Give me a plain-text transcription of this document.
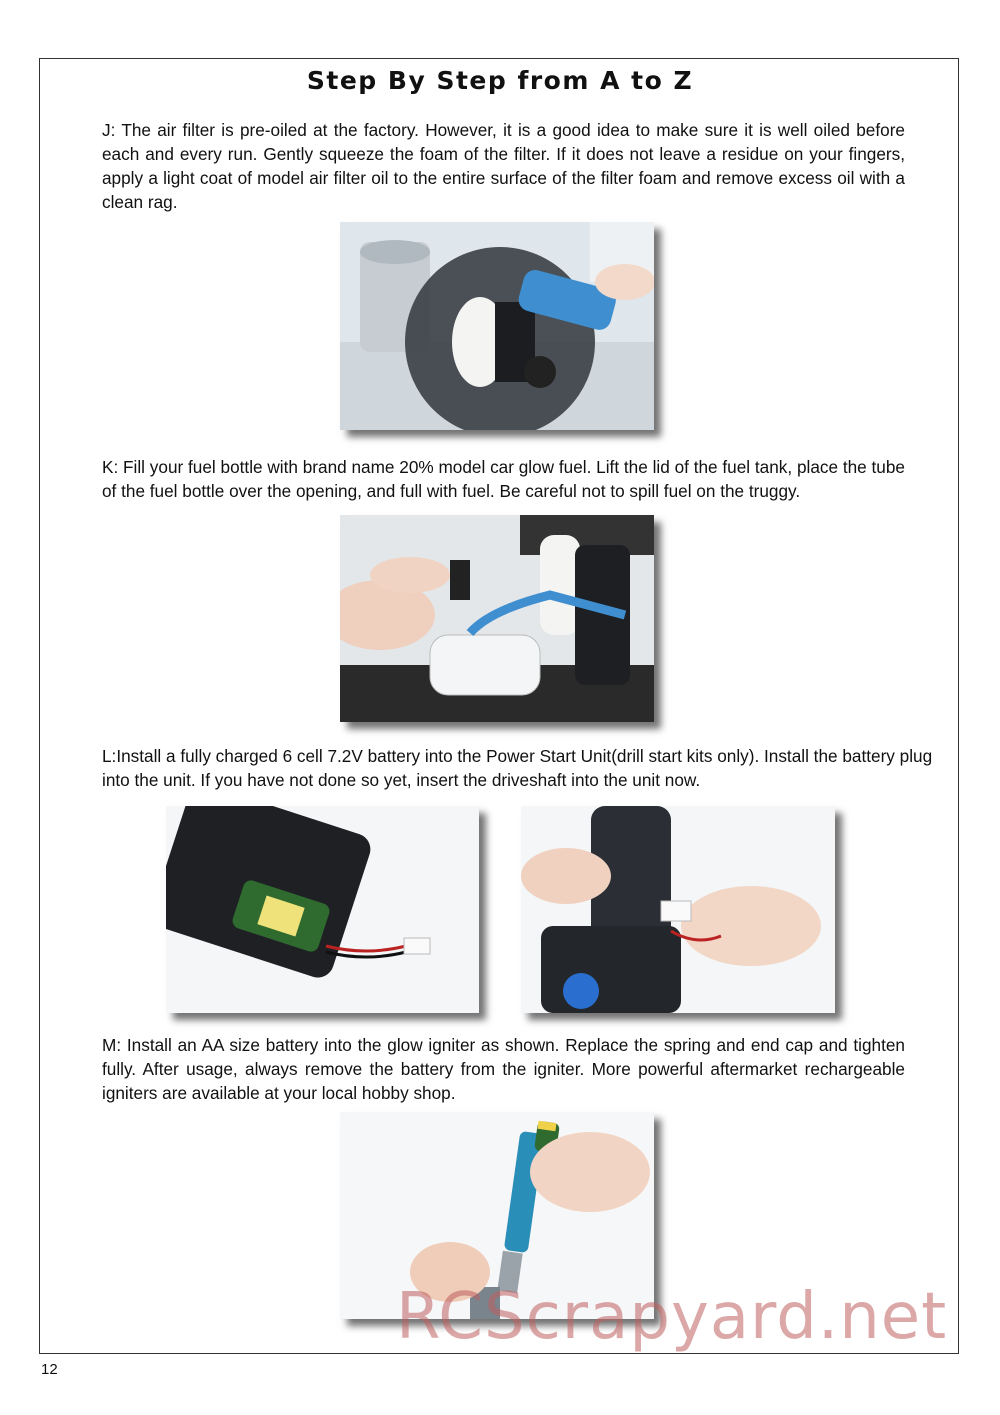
Step By Step from A to Z

J: The air filter is pre-oiled at the factory. However, it is a good idea to make sure it is well oiled before each and every run. Gently squeeze the foam of the filter. If it does not leave a residue on your fingers, apply a light coat of model air filter oil to the entire surface of the filter foam and remove excess oil with a clean rag.

K: Fill your fuel bottle with brand name 20% model car glow fuel. Lift the lid of the fuel tank, place the tube of the fuel bottle over the opening, and full with fuel. Be careful not to spill fuel on the truggy.

L:Install a fully charged 6 cell 7.2V battery into the Power Start Unit(drill start kits only). Install the battery plug into the unit. If you have not done so yet, insert the driveshaft into the unit now.

M: Install an AA size battery into the glow igniter as shown. Replace the spring and end cap and tighten fully. After usage, always remove the battery from the igniter. More powerful aftermarket rechargeable igniters are available at your local hobby shop.

12
RCScrapyard.net
